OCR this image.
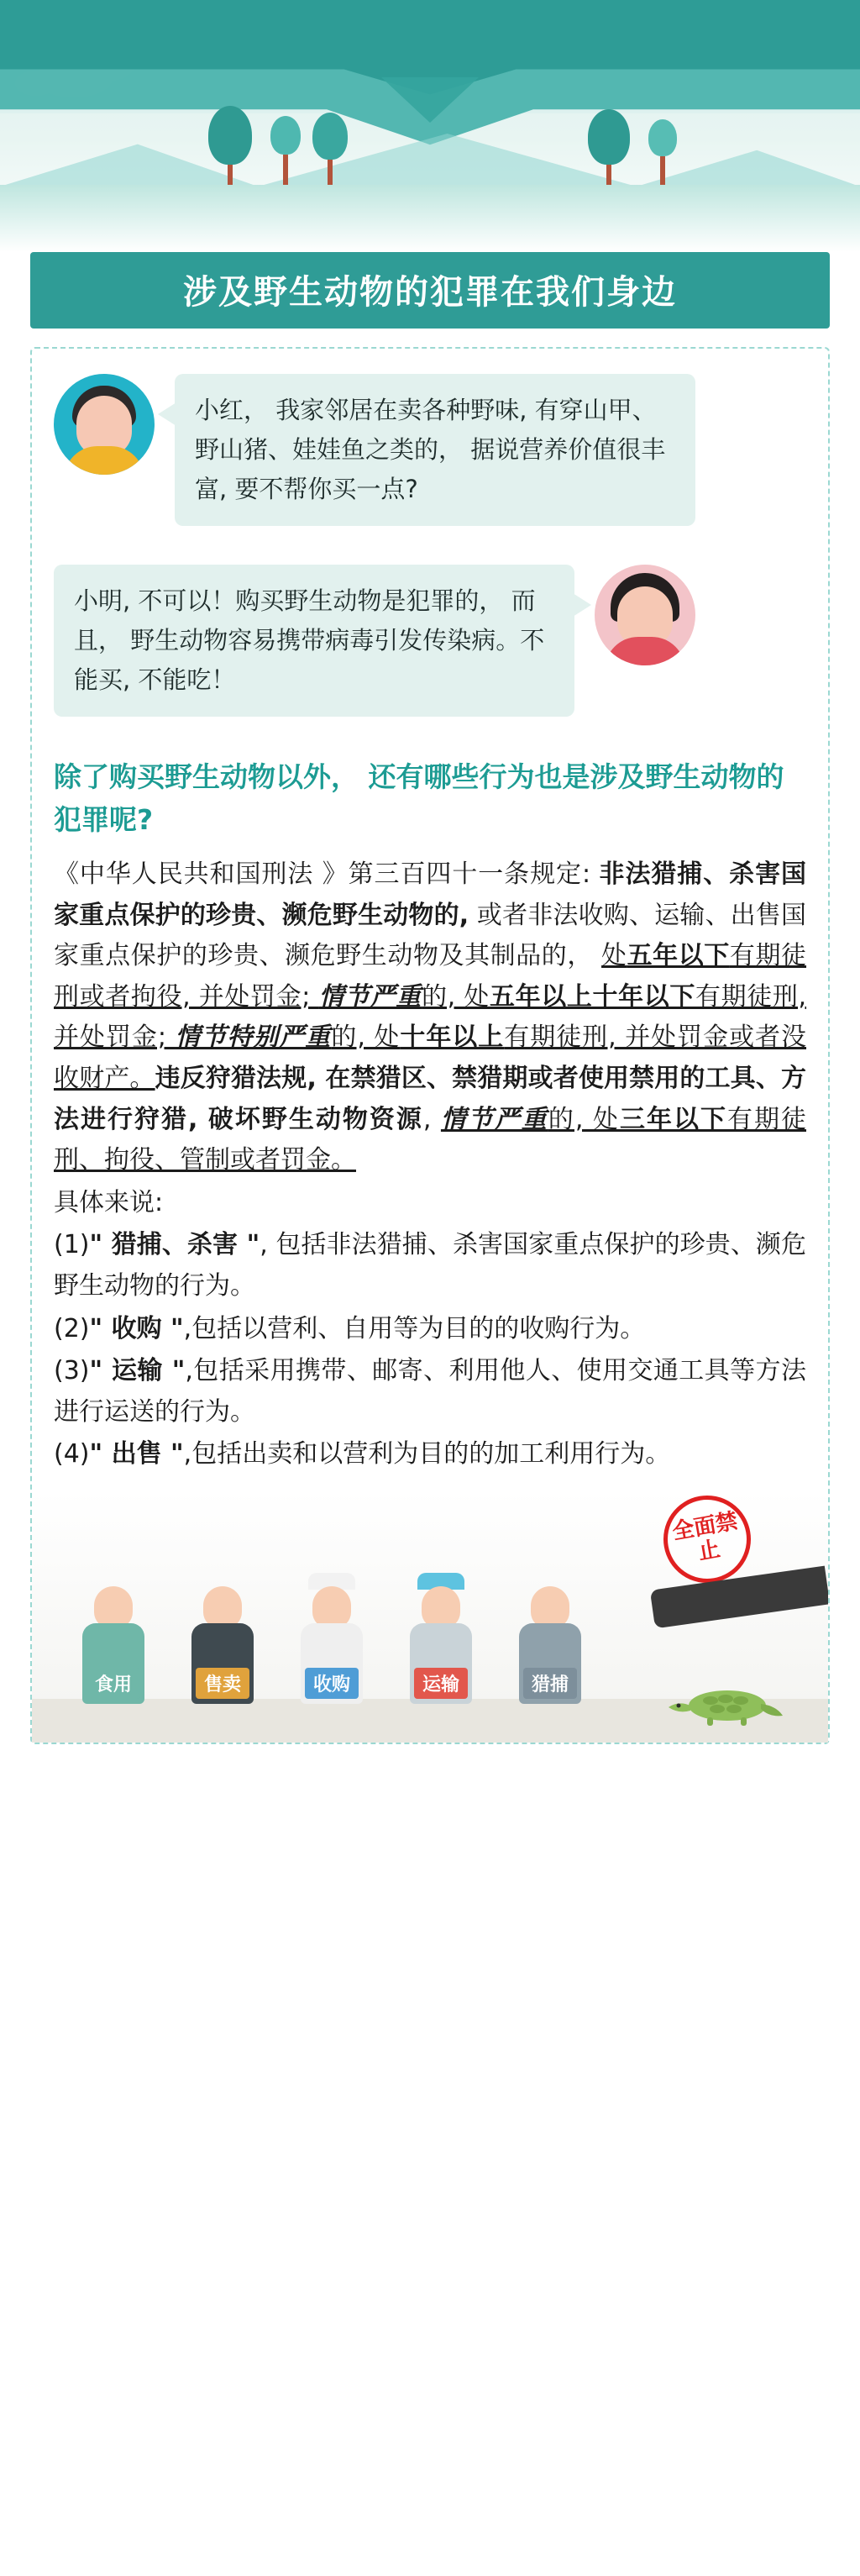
涉及野生动物的犯罪在我们身边
小红， 我家邻居在卖各种野味, 有穿山甲、野山猪、娃娃鱼之类的， 据说营养价值很丰富, 要不帮你买一点?
小明, 不可以！购买野生动物是犯罪的， 而且， 野生动物容易携带病毒引发传染病。不能买, 不能吃！
除了购买野生动物以外， 还有哪些行为也是涉及野生动物的犯罪呢?

《中华人民共和国刑法 》第三百四十一条规定: 非法猎捕、杀害国家重点保护的珍贵、濒危野生动物的, 或者非法收购、运输、出售国家重点保护的珍贵、濒危野生动物及其制品的， 处五年以下有期徒刑或者拘役, 并处罚金; 情节严重的, 处五年以上十年以下有期徒刑, 并处罚金; 情节特别严重的, 处十年以上有期徒刑, 并处罚金或者没收财产。违反狩猎法规, 在禁猎区、禁猎期或者使用禁用的工具、方法进行狩猎, 破坏野生动物资源, 情节严重的, 处三年以下有期徒刑、拘役、管制或者罚金。

具体来说:

(1)" 猎捕、杀害 ", 包括非法猎捕、杀害国家重点保护的珍贵、濒危野生动物的行为。

(2)" 收购 ",包括以营利、自用等为目的的收购行为。

(3)" 运输 ",包括采用携带、邮寄、利用他人、使用交通工具等方法进行运送的行为。

(4)" 出售 ",包括出卖和以营利为目的的加工利用行为。

全面禁止
食用	售卖	收购	运输	猎捕
